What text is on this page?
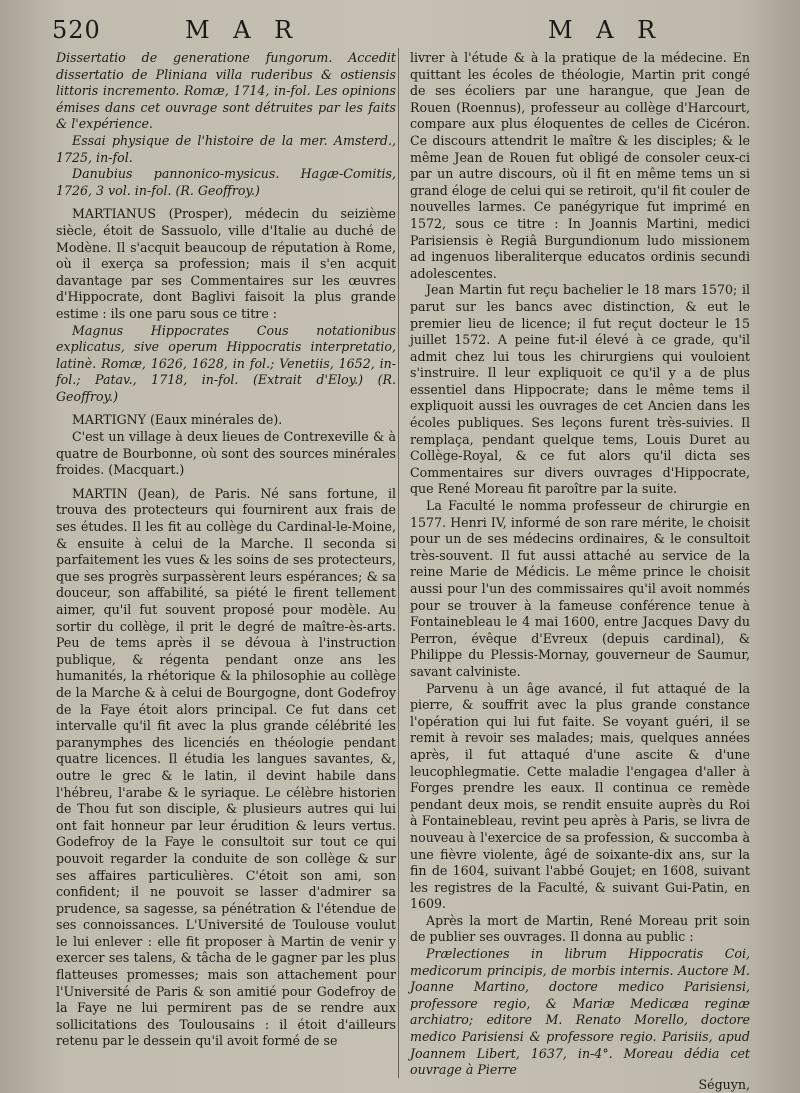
520	M A R	M A R

Dissertatio de generatione fungorum. Accedit dissertatio de Pliniana villa ruderibus & ostiensis littoris incremento. Romæ, 1714, in-fol. Les opinions émises dans cet ouvrage sont détruites par les faits & l'expérience.

Essai physique de l'histoire de la mer. Amsterd., 1725, in-fol.

Danubius pannonico-mysicus. Hagæ-Comitis, 1726, 3 vol. in-fol. (R. Geoffroy.)

MARTIANUS (Prosper), médecin du seizième siècle, étoit de Sassuolo, ville d'Italie au duché de Modène. Il s'acquit beaucoup de réputation à Rome, où il exerça sa profession; mais il s'en acquit davantage par ses Commentaires sur les œuvres d'Hippocrate, dont Baglivi faisoit la plus grande estime : ils one paru sous ce titre :

Magnus Hippocrates Cous notationibus explicatus, sive operum Hippocratis interpretatio, latinè. Romæ, 1626, 1628, in fol.; Venetiis, 1652, in-fol.; Patav., 1718, in-fol. (Extrait d'Eloy.) (R. Geoffroy.)

MARTIGNY (Eaux minérales de).

C'est un village à deux lieues de Contrexeville & à quatre de Bourbonne, où sont des sources minérales froides. (Macquart.)

MARTIN (Jean), de Paris. Né sans fortune, il trouva des protecteurs qui fournirent aux frais de ses études. Il les fit au collège du Cardinal-le-Moine, & ensuite à celui de la Marche. Il seconda si parfaitement les vues & les soins de ses protecteurs, que ses progrès surpassèrent leurs espérances; & sa douceur, son affabilité, sa piété le firent tellement aimer, qu'il fut souvent proposé pour modèle. Au sortir du collège, il prit le degré de maître-ès-arts. Peu de tems après il se dévoua à l'instruction publique, & régenta pendant onze ans les humanités, la rhétorique & la philosophie au collège de la Marche & à celui de Bourgogne, dont Godefroy de la Faye étoit alors principal. Ce fut dans cet intervalle qu'il fit avec la plus grande célébrité les paranymphes des licenciés en théologie pendant quatre licences. Il étudia les langues savantes, &, outre le grec & le latin, il devint habile dans l'hébreu, l'arabe & le syriaque. Le célèbre historien de Thou fut son disciple, & plusieurs autres qui lui ont fait honneur par leur érudition & leurs vertus. Godefroy de la Faye le consultoit sur tout ce qui pouvoit regarder la conduite de son collège & sur ses affaires particulières. C'étoit son ami, son confident; il ne pouvoit se lasser d'admirer sa prudence, sa sagesse, sa pénétration & l'étendue de ses connoissances. L'Université de Toulouse voulut le lui enlever : elle fit proposer à Martin de venir y exercer ses talens, & tâcha de le gagner par les plus flatteuses promesses; mais son attachement pour l'Université de Paris & son amitié pour Godefroy de la Faye ne lui permirent pas de se rendre aux sollicitations des Toulousains : il étoit d'ailleurs retenu par le dessein qu'il avoit formé de se

livrer à l'étude & à la pratique de la médecine. En quittant les écoles de théologie, Martin prit congé de ses écoliers par une harangue, que Jean de Rouen (Roennus), professeur au collège d'Harcourt, compare aux plus éloquentes de celles de Cicéron. Ce discours attendrit le maître & les disciples; & le même Jean de Rouen fut obligé de consoler ceux-ci par un autre discours, où il fit en même tems un si grand éloge de celui qui se retiroit, qu'il fit couler de nouvelles larmes. Ce panégyrique fut imprimé en 1572, sous ce titre : In Joannis Martini, medici Parisiensis è Regiâ Burgundionum ludo missionem ad ingenuos liberaliterque educatos ordinis secundi adolescentes.

Jean Martin fut reçu bachelier le 18 mars 1570; il parut sur les bancs avec distinction, & eut le premier lieu de licence; il fut reçut docteur le 15 juillet 1572. A peine fut-il élevé à ce grade, qu'il admit chez lui tous les chirurgiens qui vouloient s'instruire. Il leur expliquoit ce qu'il y a de plus essentiel dans Hippocrate; dans le même tems il expliquoit aussi les ouvrages de cet Ancien dans les écoles publiques. Ses leçons furent très-suivies. Il remplaça, pendant quelque tems, Louis Duret au Collège-Royal, & ce fut alors qu'il dicta ses Commentaires sur divers ouvrages d'Hippocrate, que René Moreau fit paroître par la suite.

La Faculté le nomma professeur de chirurgie en 1577. Henri IV, informé de son rare mérite, le choisit pour un de ses médecins ordinaires, & le consultoit très-souvent. Il fut aussi attaché au service de la reine Marie de Médicis. Le même prince le choisit aussi pour l'un des commissaires qu'il avoit nommés pour se trouver à la fameuse conférence tenue à Fontainebleau le 4 mai 1600, entre Jacques Davy du Perron, évêque d'Evreux (depuis cardinal), & Philippe du Plessis-Mornay, gouverneur de Saumur, savant calviniste.

Parvenu à un âge avancé, il fut attaqué de la pierre, & souffrit avec la plus grande constance l'opération qui lui fut faite. Se voyant guéri, il se remit à revoir ses malades; mais, quelques années après, il fut attaqué d'une ascite & d'une leucophlegmatie. Cette maladie l'engagea d'aller à Forges prendre les eaux. Il continua ce remède pendant deux mois, se rendit ensuite auprès du Roi à Fontainebleau, revint peu après à Paris, se livra de nouveau à l'exercice de sa profession, & succomba à une fièvre violente, âgé de soixante-dix ans, sur la fin de 1604, suivant l'abbé Goujet; en 1608, suivant les registres de la Faculté, & suivant Gui-Patin, en 1609.

Après la mort de Martin, René Moreau prit soin de publier ses ouvrages. Il donna au public :

Prælectiones in librum Hippocratis Coi, medicorum principis, de morbis internis. Auctore M. Joanne Martino, doctore medico Parisiensi, professore regio, & Mariæ Medicæa reginæ archiatro; editore M. Renato Morello, doctore medico Parisiensi & professore regio. Parisiis, apud Joannem Libert, 1637, in-4°. Moreau dédia cet ouvrage à Pierre

Séguyn,
